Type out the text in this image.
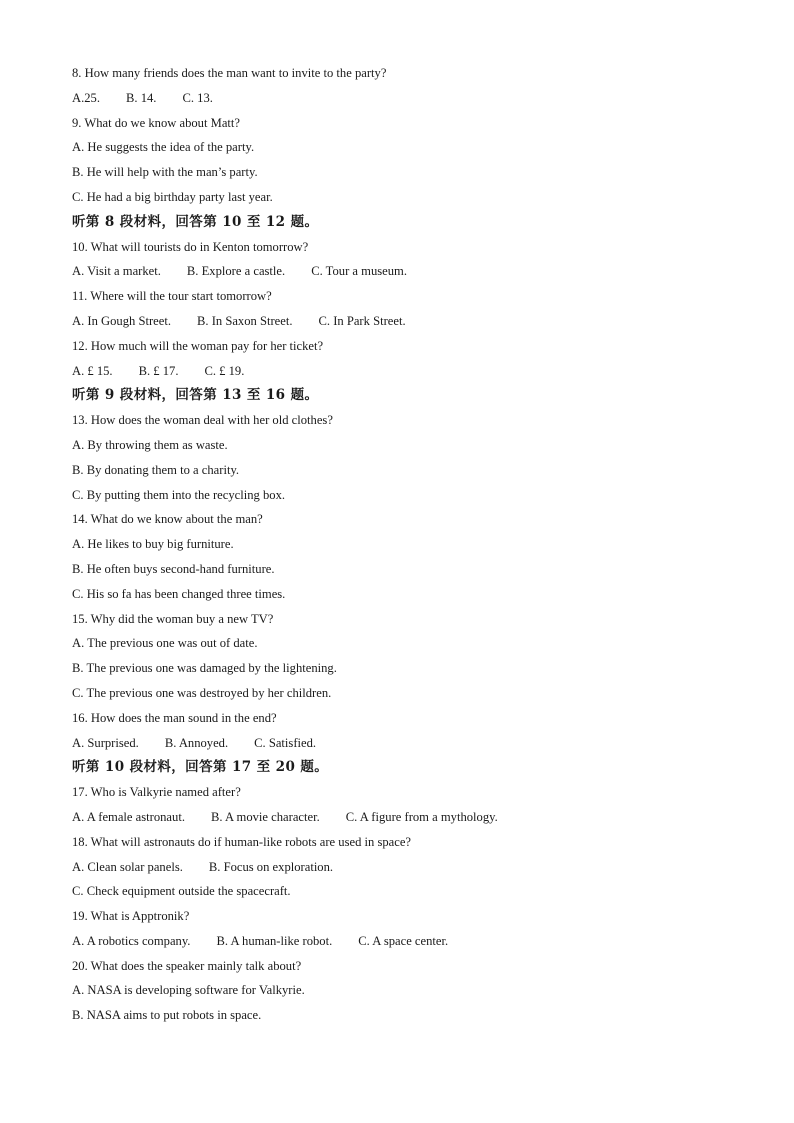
8. How many friends does the man want to invite to the party?
A.25. B. 14. C. 13.
9. What do we know about Matt?
A. He suggests the idea of the party.
B. He will help with the man’s party.
C. He had a big birthday party last year.
听第 8 段材料，回答第 10 至 12 题。
10. What will tourists do in Kenton tomorrow?
A. Visit a market. B. Explore a castle. C. Tour a museum.
11. Where will the tour start tomorrow?
A. In Gough Street. B. In Saxon Street. C. In Park Street.
12. How much will the woman pay for her ticket?
A. £ 15. B. £ 17. C. £ 19.
听第 9 段材料，回答第 13 至 16 题。
13. How does the woman deal with her old clothes?
A. By throwing them as waste.
B. By donating them to a charity.
C. By putting them into the recycling box.
14. What do we know about the man?
A. He likes to buy big furniture.
B. He often buys second-hand furniture.
C. His so fa has been changed three times.
15. Why did the woman buy a new TV?
A. The previous one was out of date.
B. The previous one was damaged by the lightening.
C. The previous one was destroyed by her children.
16. How does the man sound in the end?
A. Surprised. B. Annoyed. C. Satisfied.
听第 10 段材料，回答第 17 至 20 题。
17. Who is Valkyrie named after?
A. A female astronaut. B. A movie character. C. A figure from a mythology.
18. What will astronauts do if human-like robots are used in space?
A. Clean solar panels. B. Focus on exploration.
C. Check equipment outside the spacecraft.
19. What is Apptronik?
A. A robotics company. B. A human-like robot. C. A space center.
20. What does the speaker mainly talk about?
A. NASA is developing software for Valkyrie.
B. NASA aims to put robots in space.
